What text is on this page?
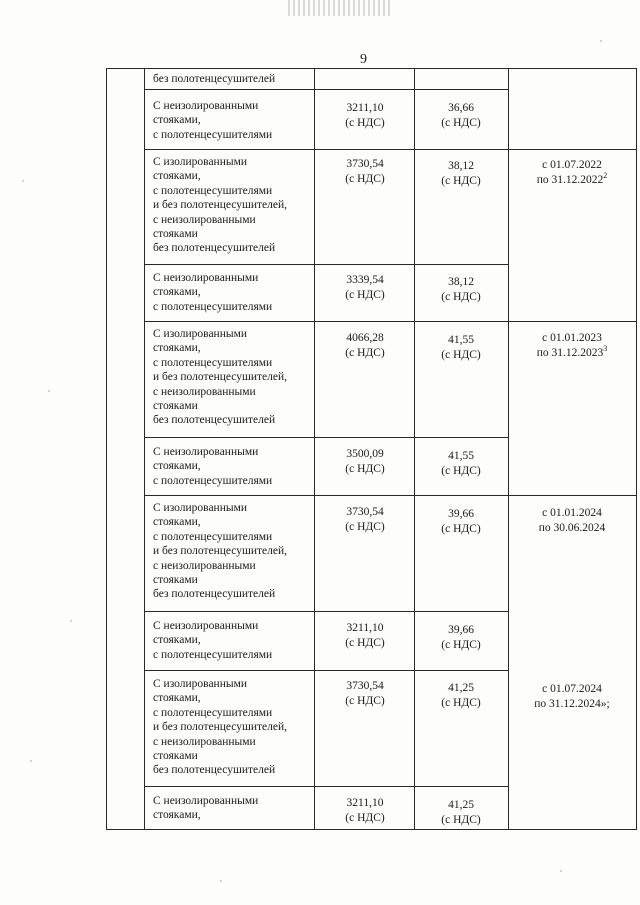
9
без полотенцесушителей
С неизолированными
стояками,
с полотенцесушителями
3211,10
(с НДС)
36,66
(с НДС)
С изолированными
стояками,
с полотенцесушителями
и без полотенцесушителей,
с неизолированными
стояками
без полотенцесушителей
3730,54
(с НДС)
38,12
(с НДС)
С неизолированными
стояками,
с полотенцесушителями
3339,54
(с НДС)
38,12
(с НДС)
С изолированными
стояками,
с полотенцесушителями
и без полотенцесушителей,
с неизолированными
стояками
без полотенцесушителей
4066,28
(с НДС)
41,55
(с НДС)
С неизолированными
стояками,
с полотенцесушителями
3500,09
(с НДС)
41,55
(с НДС)
С изолированными
стояками,
с полотенцесушителями
и без полотенцесушителей,
с неизолированными
стояками
без полотенцесушителей
3730,54
(с НДС)
39,66
(с НДС)
С неизолированными
стояками,
с полотенцесушителями
3211,10
(с НДС)
39,66
(с НДС)
С изолированными
стояками,
с полотенцесушителями
и без полотенцесушителей,
с неизолированными
стояками
без полотенцесушителей
3730,54
(с НДС)
41,25
(с НДС)
С неизолированными
стояками,
3211,10
(с НДС)
41,25
(с НДС)
с 01.07.2022
по 31.12.2022$^2$
с 01.01.2023
по 31.12.2023$^3$
с 01.01.2024
по 30.06.2024
с 01.07.2024
по 31.12.2024»;
